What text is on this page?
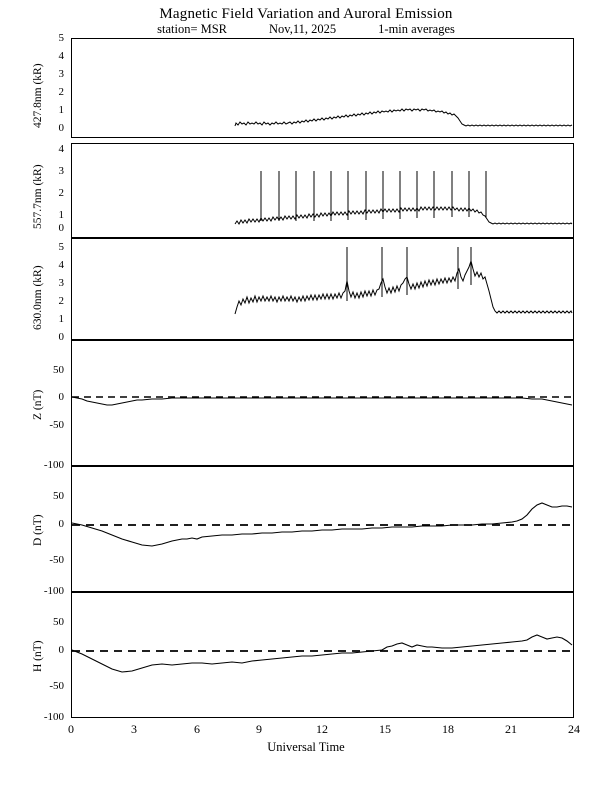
Magnetic Field Variation and Auroral Emission
station= MSR	Nov,11, 2025	1-min averages
427.8nm (kR)
5
4
3
2
1
0
557.7nm (kR)
4
3
2
1
0
630.0nm (kR)
5
4
3
2
1
0
Z (nT)
50
0
-50
-100
D (nT)
50
0
-50
-100
H (nT)
50
0
-50
-100
0	3	6	9	12	15	18	21	24
Universal Time
